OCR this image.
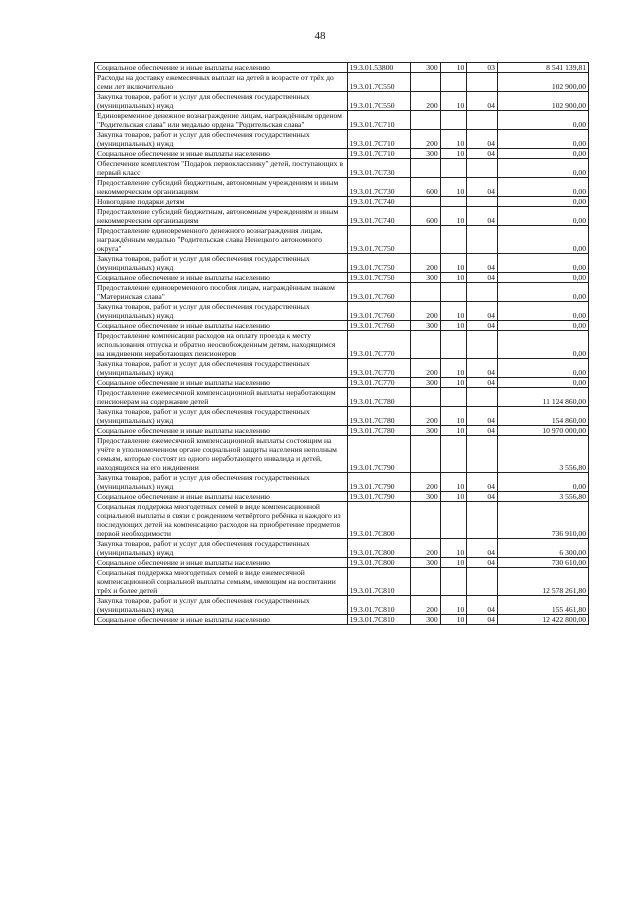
48
Социальное обеспечение и иные выплаты населению	19.3.01.53800	300	10	03	8 541 139,81
Расходы на доставку ежемесячных выплат на детей в возрасте от трёх до семи лет включительно	19.3.01.7С550				102 900,00
Закупка товаров, работ и услуг для обеспечения государственных (муниципальных) нужд	19.3.01.7С550	200	10	04	102 900,00
Единовременное денежное вознаграждение лицам, награждённым орденом "Родительская слава" или медалью ордена "Родительская слава"	19.3.01.7С710				0,00
Закупка товаров, работ и услуг для обеспечения государственных (муниципальных) нужд	19.3.01.7С710	200	10	04	0,00
Социальное обеспечение и иные выплаты населению	19.3.01.7С710	300	10	04	0,00
Обеспечение комплектом "Подарок первокласснику" детей, поступающих в первый класс	19.3.01.7С730				0,00
Предоставление субсидий бюджетным, автономным учреждениям и иным некоммерческим организациям	19.3.01.7С730	600	10	04	0,00
Новогодние подарки детям	19.3.01.7С740				0,00
Предоставление субсидий бюджетным, автономным учреждениям и иным некоммерческим организациям	19.3.01.7С740	600	10	04	0,00
Предоставление единовременного денежного вознаграждения лицам, награждённым медалью "Родительская слава Ненецкого автономного округа"	19.3.01.7С750				0,00
Закупка товаров, работ и услуг для обеспечения государственных (муниципальных) нужд	19.3.01.7С750	200	10	04	0,00
Социальное обеспечение и иные выплаты населению	19.3.01.7С750	300	10	04	0,00
Предоставление единовременного пособия лицам, награждённым знаком "Материнская слава"	19.3.01.7С760				0,00
Закупка товаров, работ и услуг для обеспечения государственных (муниципальных) нужд	19.3.01.7С760	200	10	04	0,00
Социальное обеспечение и иные выплаты населению	19.3.01.7С760	300	10	04	0,00
Предоставление компенсации расходов на оплату проезда к месту использования отпуска и обратно неосвобожденным детям, находящимся на иждивении неработающих пенсионеров	19.3.01.7С770				0,00
Закупка товаров, работ и услуг для обеспечения государственных (муниципальных) нужд	19.3.01.7С770	200	10	04	0,00
Социальное обеспечение и иные выплаты населению	19.3.01.7С770	300	10	04	0,00
Предоставление ежемесячной компенсационной выплаты неработающим пенсионерам на содержание детей	19.3.01.7С780				11 124 860,00
Закупка товаров, работ и услуг для обеспечения государственных (муниципальных) нужд	19.3.01.7С780	200	10	04	154 860,00
Социальное обеспечение и иные выплаты населению	19.3.01.7С780	300	10	04	10 970 000,00
Предоставление ежемесячной компенсационной выплаты состоящим на учёте в уполномоченном органе социальной защиты населения неполным семьям, которые состоят из одного неработающего инвалида и детей, находящихся на его иждивении	19.3.01.7С790				3 556,80
Закупка товаров, работ и услуг для обеспечения государственных (муниципальных) нужд	19.3.01.7С790	200	10	04	0,00
Социальное обеспечение и иные выплаты населению	19.3.01.7С790	300	10	04	3 556,80
Социальная поддержка многодетных семей в виде компенсационной социальной выплаты в связи с рождением четвёртого ребёнка и каждого из последующих детей на компенсацию расходов на приобретение предметов первой необходимости	19.3.01.7С800				736 910,00
Закупка товаров, работ и услуг для обеспечения государственных (муниципальных) нужд	19.3.01.7С800	200	10	04	6 300,00
Социальное обеспечение и иные выплаты населению	19.3.01.7С800	300	10	04	730 610,00
Социальная поддержка многодетных семей в виде ежемесячной компенсационной социальной выплаты семьям, имеющим на воспитании трёх и более детей	19.3.01.7С810				12 578 261,80
Закупка товаров, работ и услуг для обеспечения государственных (муниципальных) нужд	19.3.01.7С810	200	10	04	155 461,80
Социальное обеспечение и иные выплаты населению	19.3.01.7С810	300	10	04	12 422 800,00
